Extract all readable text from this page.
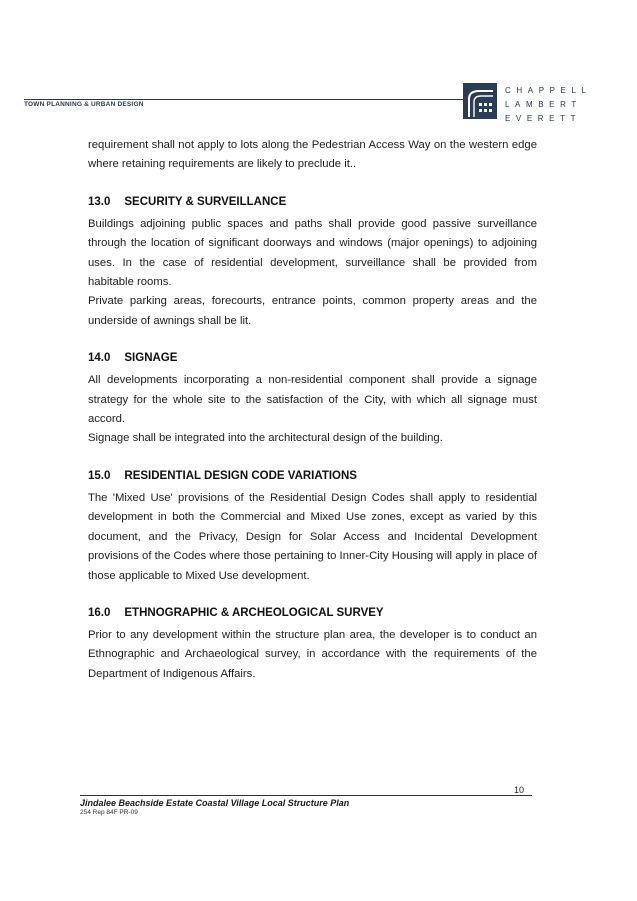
TOWN PLANNING & URBAN DESIGN
CHAPPELL
LAMBERT
EVERETT

requirement shall not apply to lots along the Pedestrian Access Way on the western edge where retaining requirements are likely to preclude it..

13.0 SECURITY & SURVEILLANCE

Buildings adjoining public spaces and paths shall provide good passive surveillance through the location of significant doorways and windows (major openings) to adjoining uses. In the case of residential development, surveillance shall be provided from habitable rooms.

Private parking areas, forecourts, entrance points, common property areas and the underside of awnings shall be lit.

14.0 SIGNAGE

All developments incorporating a non-residential component shall provide a signage strategy for the whole site to the satisfaction of the City, with which all signage must accord.

Signage shall be integrated into the architectural design of the building.

15.0 RESIDENTIAL DESIGN CODE VARIATIONS

The 'Mixed Use' provisions of the Residential Design Codes shall apply to residential development in both the Commercial and Mixed Use zones, except as varied by this document, and the Privacy, Design for Solar Access and Incidental Development provisions of the Codes where those pertaining to Inner-City Housing will apply in place of those applicable to Mixed Use development.

16.0 ETHNOGRAPHIC & ARCHEOLOGICAL SURVEY

Prior to any development within the structure plan area, the developer is to conduct an Ethnographic and Archaeological survey, in accordance with the requirements of the Department of Indigenous Affairs.

10
Jindalee Beachside Estate Coastal Village Local Structure Plan
254 Rep 84F PR-09
